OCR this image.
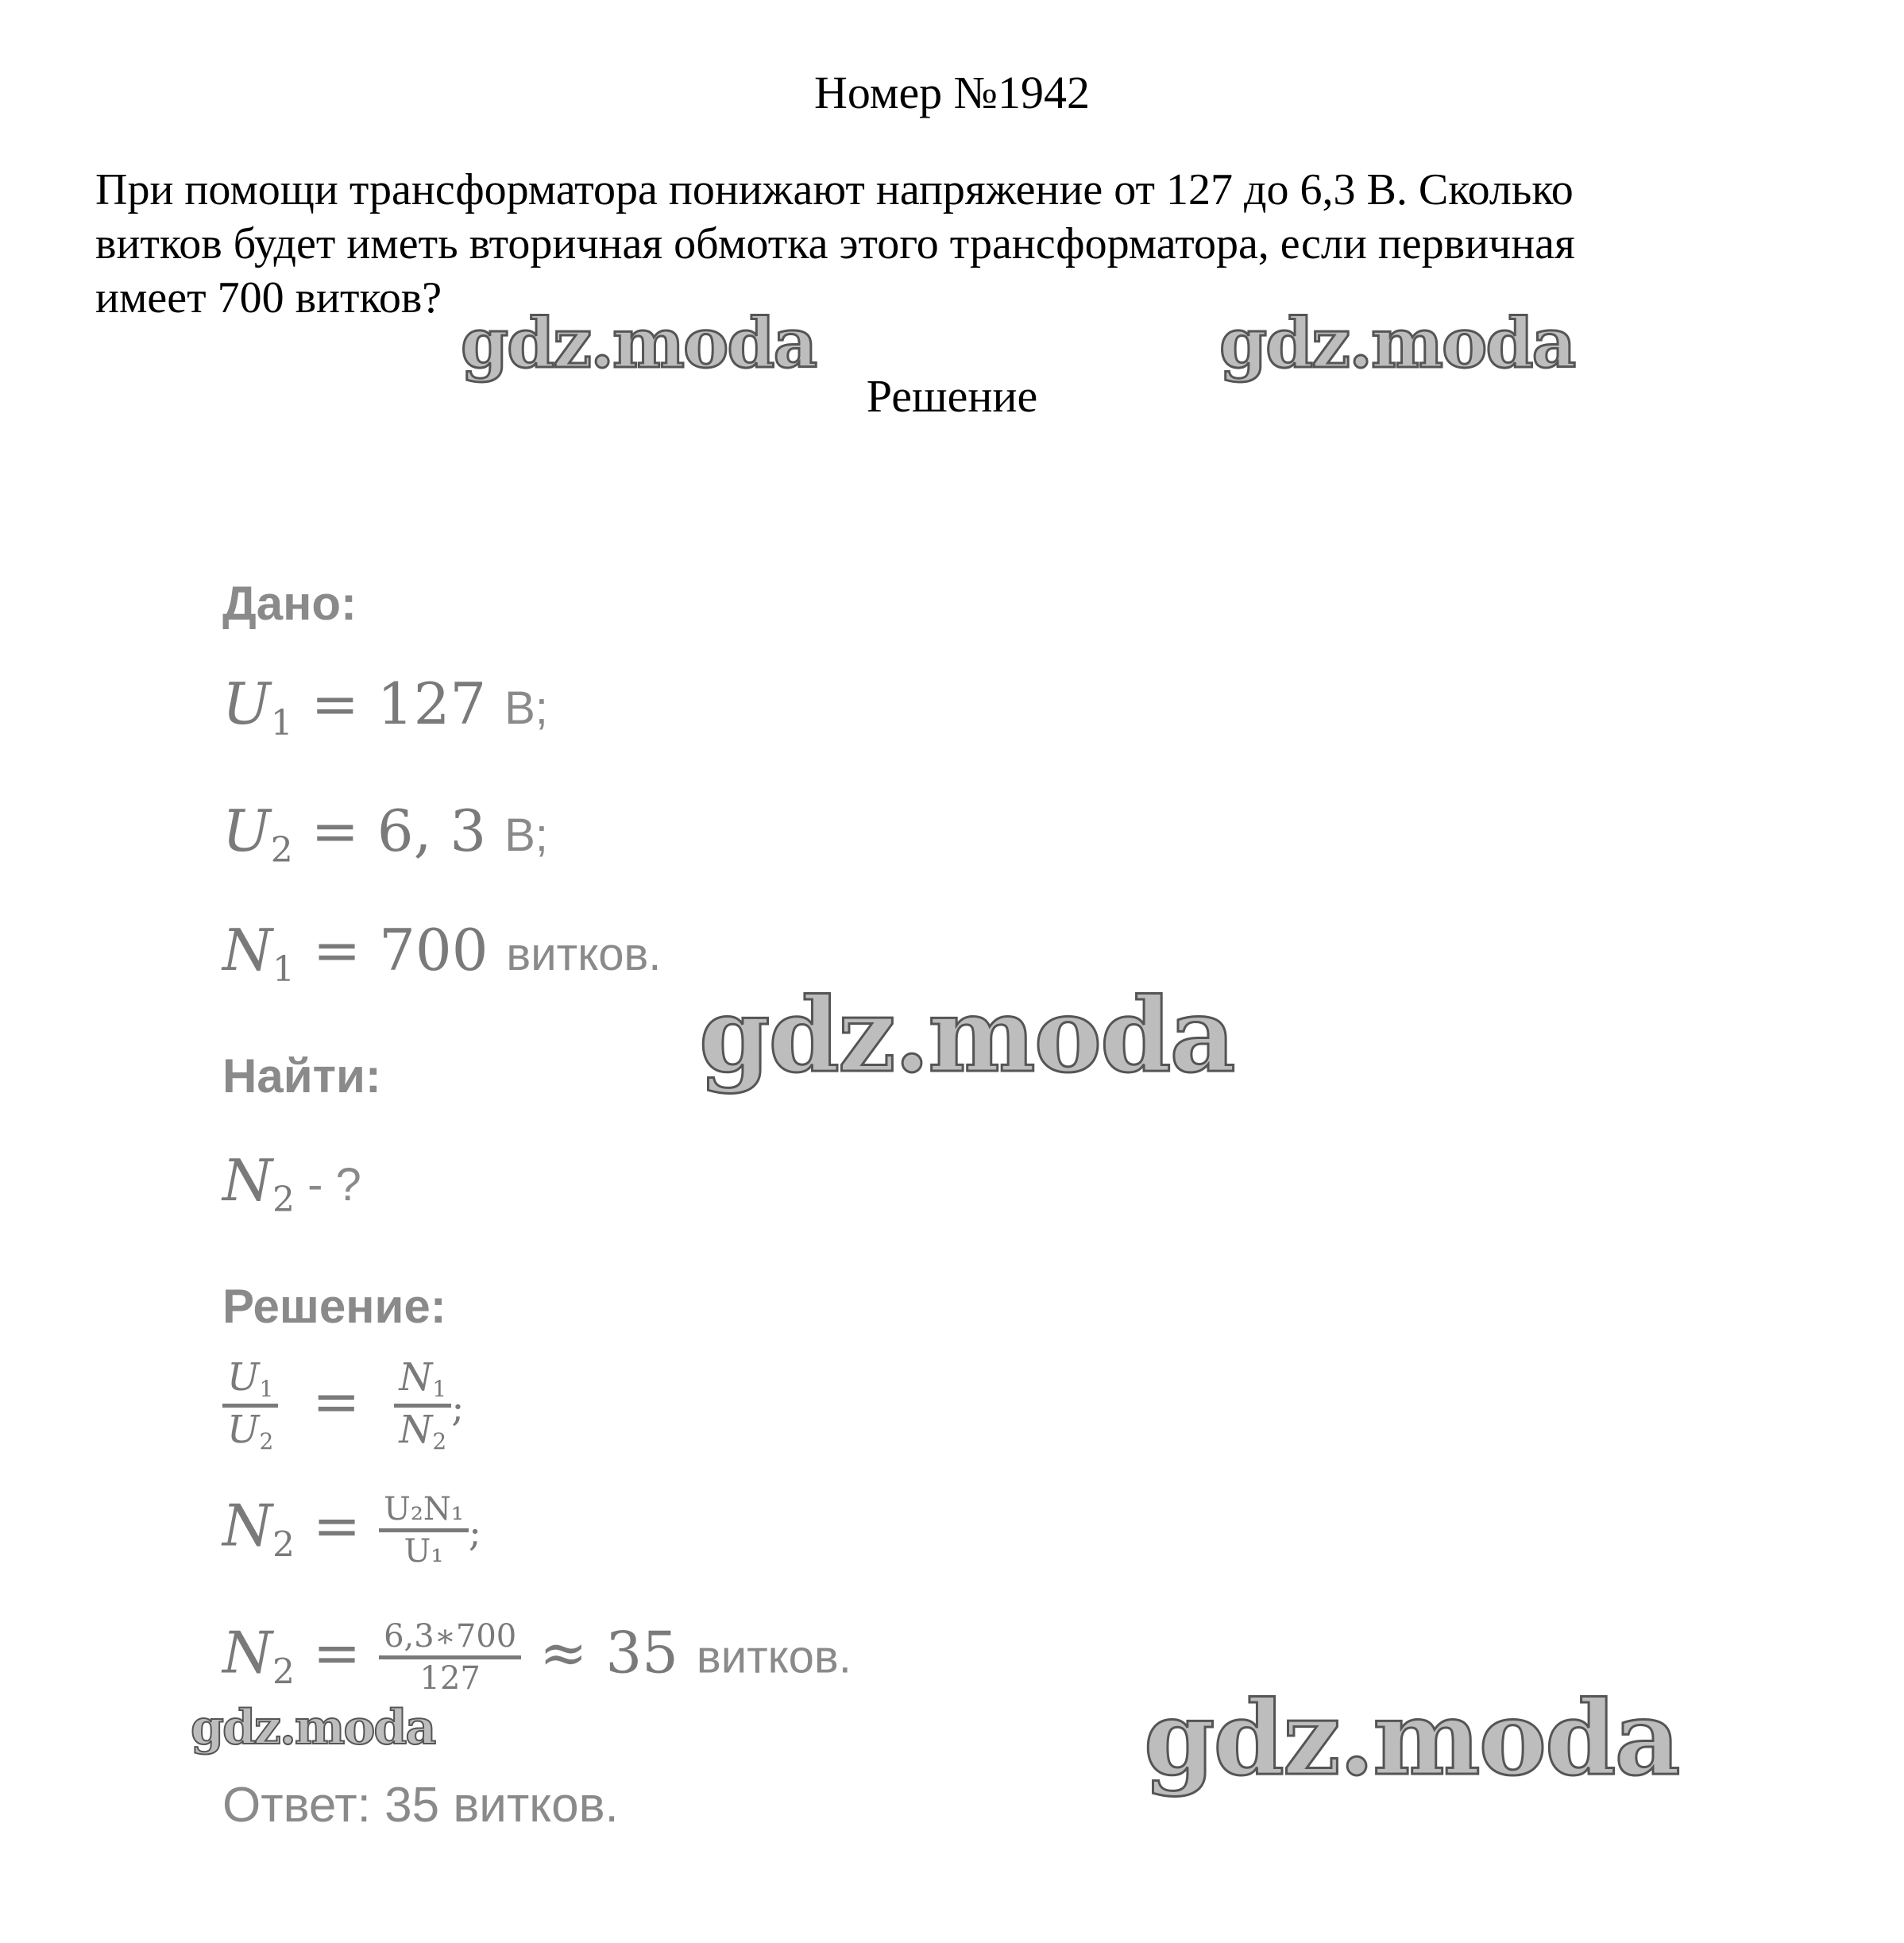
Номер №1942
При помощи трансформатора понижают напряжение от 127 до 6,3 В. Сколько
витков будет иметь вторичная обмотка этого трансформатора, если первичная
имеет 700 витков?
gdz.moda	gdz.moda
Решение
Дано:
$U_1 = 127$ В;
$U_2 = 6$, 3 В;
$N_1 = 700$ витков.
gdz.moda
Найти:
$N_2$ - ?
Решение:
$\frac{U_1}{U_2} = \frac{N_1}{N_2}$ ;
$N_2 = \frac{\text{U₂N₁}}{\text{U₁}}$ ;
$N_2 = \frac{6,3∗700}{127} \approx 35$ витков.
gdz.moda	gdz.moda
Ответ: 35 витков.
